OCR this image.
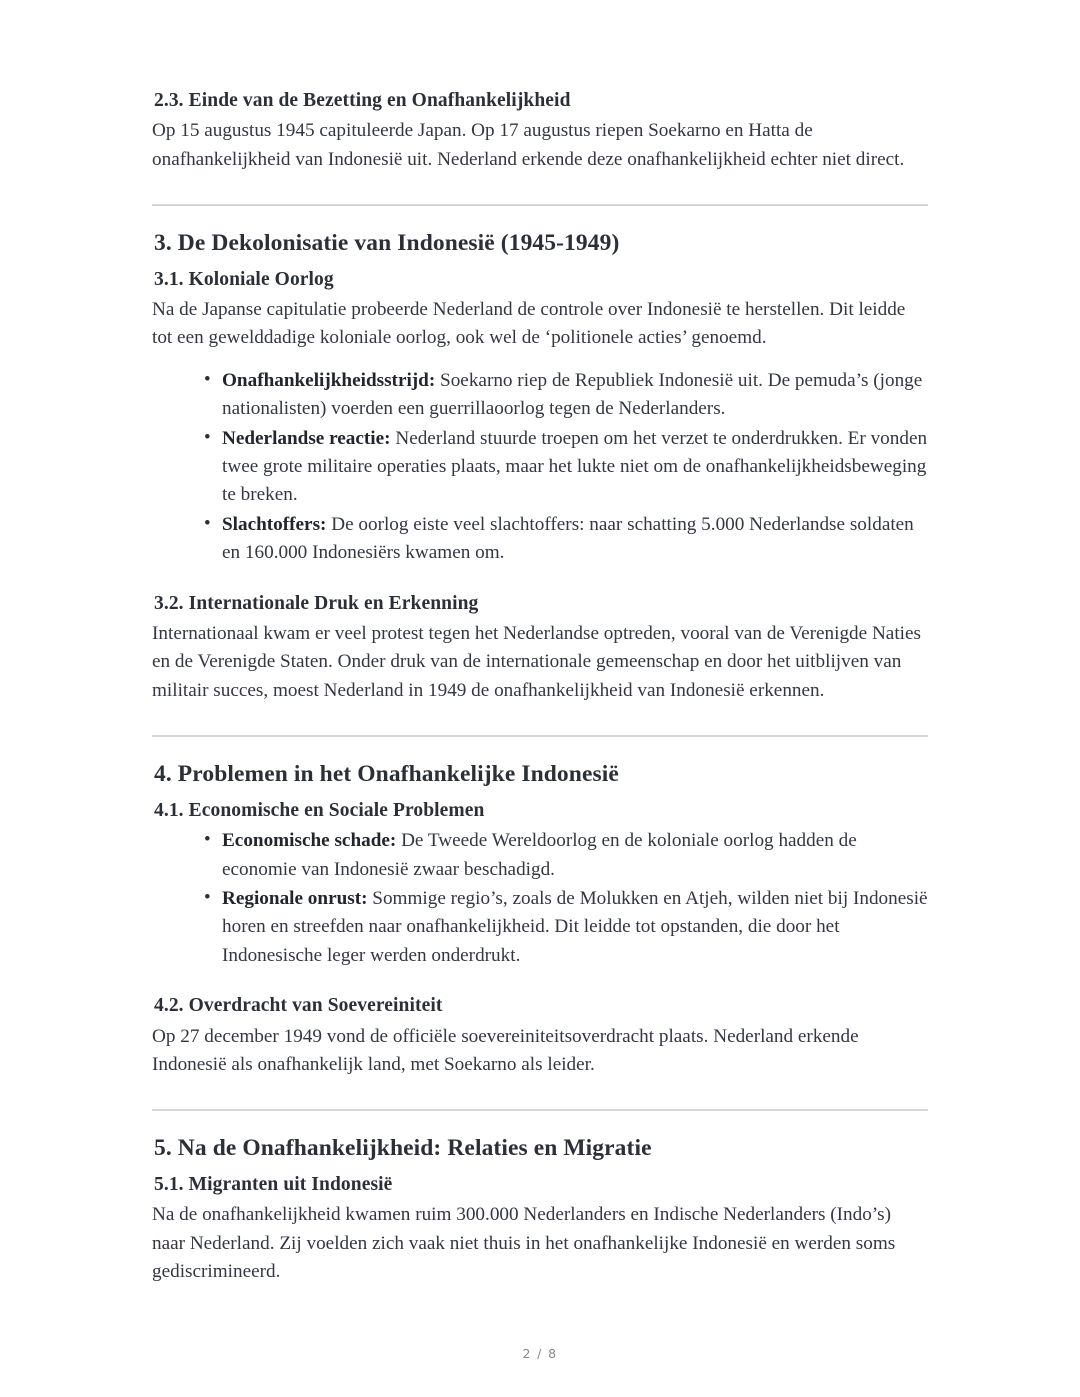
2.3. Einde van de Bezetting en Onafhankelijkheid

Op 15 augustus 1945 capituleerde Japan. Op 17 augustus riepen Soekarno en Hatta de onafhankelijkheid van Indonesië uit. Nederland erkende deze onafhankelijkheid echter niet direct.

3. De Dekolonisatie van Indonesië (1945-1949)
3.1. Koloniale Oorlog

Na de Japanse capitulatie probeerde Nederland de controle over Indonesië te herstellen. Dit leidde tot een gewelddadige koloniale oorlog, ook wel de ‘politionele acties’ genoemd.

• Onafhankelijkheidsstrijd: Soekarno riep de Republiek Indonesië uit. De pemuda’s (jonge nationalisten) voerden een guerrillaoorlog tegen de Nederlanders.
• Nederlandse reactie: Nederland stuurde troepen om het verzet te onderdrukken. Er vonden twee grote militaire operaties plaats, maar het lukte niet om de onafhankelijkheidsbeweging te breken.
• Slachtoffers: De oorlog eiste veel slachtoffers: naar schatting 5.000 Nederlandse soldaten en 160.000 Indonesiërs kwamen om.
3.2. Internationale Druk en Erkenning

Internationaal kwam er veel protest tegen het Nederlandse optreden, vooral van de Verenigde Naties en de Verenigde Staten. Onder druk van de internationale gemeenschap en door het uitblijven van militair succes, moest Nederland in 1949 de onafhankelijkheid van Indonesië erkennen.

4. Problemen in het Onafhankelijke Indonesië
4.1. Economische en Sociale Problemen
• Economische schade: De Tweede Wereldoorlog en de koloniale oorlog hadden de economie van Indonesië zwaar beschadigd.
• Regionale onrust: Sommige regio’s, zoals de Molukken en Atjeh, wilden niet bij Indonesië horen en streefden naar onafhankelijkheid. Dit leidde tot opstanden, die door het Indonesische leger werden onderdrukt.
4.2. Overdracht van Soevereiniteit

Op 27 december 1949 vond de officiële soevereiniteitsoverdracht plaats. Nederland erkende Indonesië als onafhankelijk land, met Soekarno als leider.

5. Na de Onafhankelijkheid: Relaties en Migratie
5.1. Migranten uit Indonesië

Na de onafhankelijkheid kwamen ruim 300.000 Nederlanders en Indische Nederlanders (Indo’s) naar Nederland. Zij voelden zich vaak niet thuis in het onafhankelijke Indonesië en werden soms gediscrimineerd.

2 / 8
